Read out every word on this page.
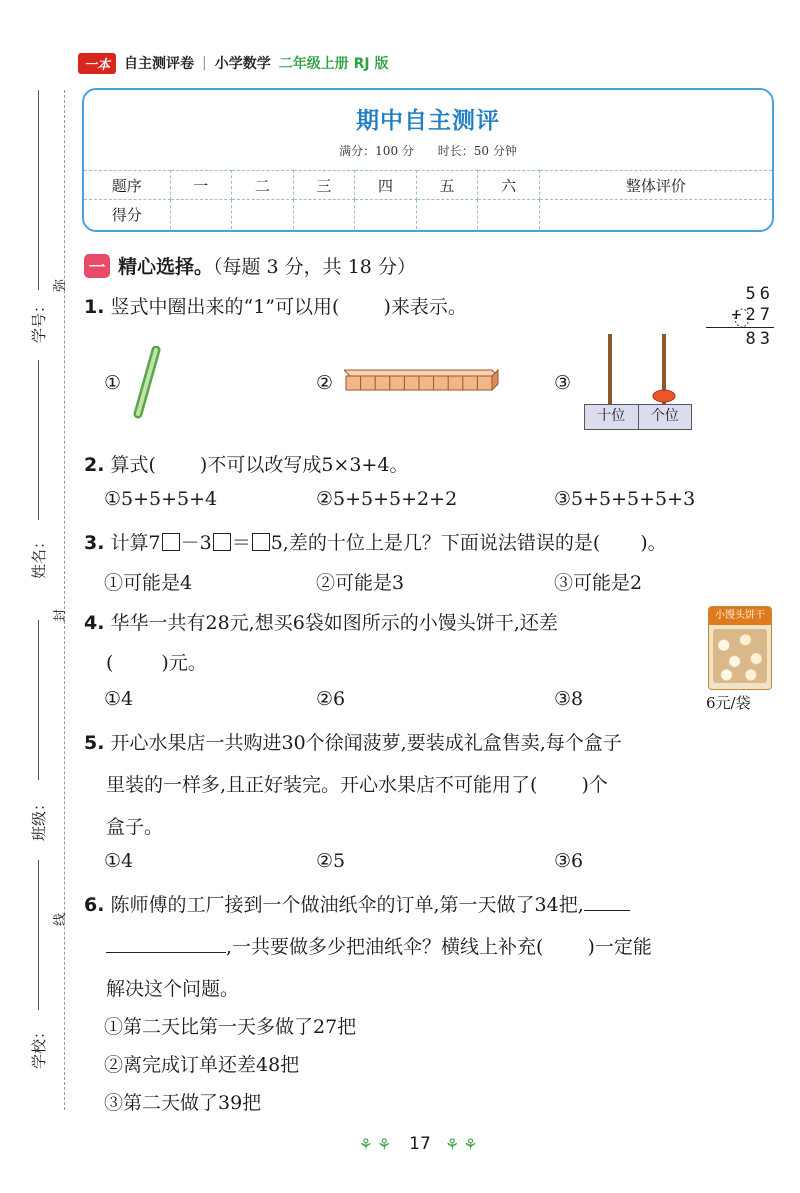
一本	自主测评卷 | 小学数学 二年级上册 RJ 版
学号：
姓名：
班级：
学校：
弥
封
线
期中自主测评
满分：100 分 时长：50 分钟
题序	一	二	三	四	五	六	整体评价
得分							
一 精心选择。（每题 3 分，共 18 分）
1. 竖式中圈出来的“1”可以用( )来表示。
56
+27
83
①	②	③
十位	个位
2. 算式( )不可以改写成5×3+4。
①5+5+5+4	②5+5+5+2+2	③5+5+5+5+3
3. 计算7 －3 ＝ 5,差的十位上是几？下面说法错误的是( )。
①可能是4	②可能是3	③可能是2
4. 华华一共有28元,想买6袋如图所示的小馒头饼干,还差
(	)元。
小馒头饼干
6元/袋
①4	②6	③8
5. 开心水果店一共购进30个徐闻菠萝,要装成礼盒售卖,每个盒子
里装的一样多,且正好装完。开心水果店不可能用了( )个
盒子。
①4	②5	③6
6. 陈师傅的工厂接到一个做油纸伞的订单,第一天做了34把,
,一共要做多少把油纸伞？横线上补充( )一定能
解决这个问题。
①第二天比第一天多做了27把
②离完成订单还差48把
③第二天做了39把
⚘⚘ 17 ⚘⚘
